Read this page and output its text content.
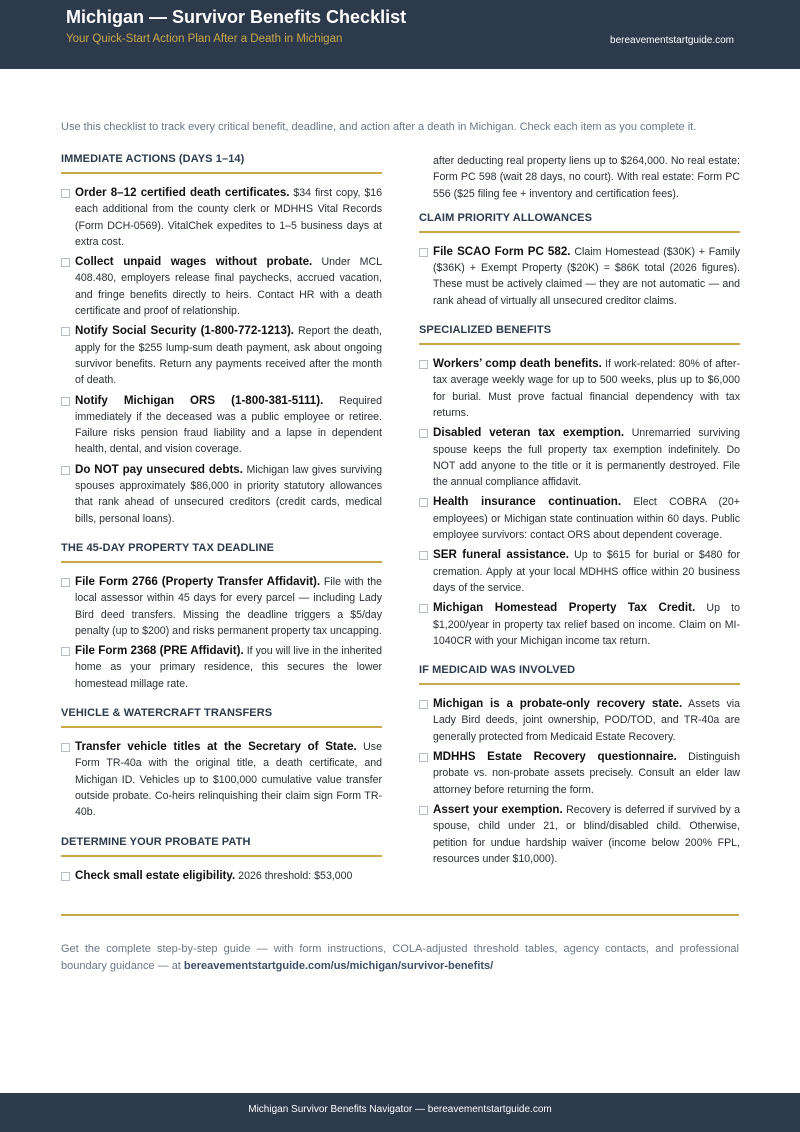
Michigan — Survivor Benefits Checklist
Your Quick-Start Action Plan After a Death in Michigan	bereavementstartguide.com
Use this checklist to track every critical benefit, deadline, and action after a death in Michigan. Check each item as you complete it.
IMMEDIATE ACTIONS (DAYS 1–14)
Order 8–12 certified death certificates. $34 first copy, $16 each additional from the county clerk or MDHHS Vital Records (Form DCH-0569). VitalChek expedites to 1–5 business days at extra cost.
Collect unpaid wages without probate. Under MCL 408.480, employers release final paychecks, accrued vacation, and fringe benefits directly to heirs. Contact HR with a death certificate and proof of relationship.
Notify Social Security (1-800-772-1213). Report the death, apply for the $255 lump-sum death payment, ask about ongoing survivor benefits. Return any payments received after the month of death.
Notify Michigan ORS (1-800-381-5111). Required immediately if the deceased was a public employee or retiree. Failure risks pension fraud liability and a lapse in dependent health, dental, and vision coverage.
Do NOT pay unsecured debts. Michigan law gives surviving spouses approximately $86,000 in priority statutory allowances that rank ahead of unsecured creditors (credit cards, medical bills, personal loans).
THE 45-DAY PROPERTY TAX DEADLINE
File Form 2766 (Property Transfer Affidavit). File with the local assessor within 45 days for every parcel — including Lady Bird deed transfers. Missing the deadline triggers a $5/day penalty (up to $200) and risks permanent property tax uncapping.
File Form 2368 (PRE Affidavit). If you will live in the inherited home as your primary residence, this secures the lower homestead millage rate.
VEHICLE & WATERCRAFT TRANSFERS
Transfer vehicle titles at the Secretary of State. Use Form TR-40a with the original title, a death certificate, and Michigan ID. Vehicles up to $100,000 cumulative value transfer outside probate. Co-heirs relinquishing their claim sign Form TR-40b.
DETERMINE YOUR PROBATE PATH
Check small estate eligibility. 2026 threshold: $53,000
after deducting real property liens up to $264,000. No real estate: Form PC 598 (wait 28 days, no court). With real estate: Form PC 556 ($25 filing fee + inventory and certification fees).
CLAIM PRIORITY ALLOWANCES
File SCAO Form PC 582. Claim Homestead ($30K) + Family ($36K) + Exempt Property ($20K) = $86K total (2026 figures). These must be actively claimed — they are not automatic — and rank ahead of virtually all unsecured creditor claims.
SPECIALIZED BENEFITS
Workers’ comp death benefits. If work-related: 80% of after-tax average weekly wage for up to 500 weeks, plus up to $6,000 for burial. Must prove factual financial dependency with tax returns.
Disabled veteran tax exemption. Unremarried surviving spouse keeps the full property tax exemption indefinitely. Do NOT add anyone to the title or it is permanently destroyed. File the annual compliance affidavit.
Health insurance continuation. Elect COBRA (20+ employees) or Michigan state continuation within 60 days. Public employee survivors: contact ORS about dependent coverage.
SER funeral assistance. Up to $615 for burial or $480 for cremation. Apply at your local MDHHS office within 20 business days of the service.
Michigan Homestead Property Tax Credit. Up to $1,200/year in property tax relief based on income. Claim on MI-1040CR with your Michigan income tax return.
IF MEDICAID WAS INVOLVED
Michigan is a probate-only recovery state. Assets via Lady Bird deeds, joint ownership, POD/TOD, and TR-40a are generally protected from Medicaid Estate Recovery.
MDHHS Estate Recovery questionnaire. Distinguish probate vs. non-probate assets precisely. Consult an elder law attorney before returning the form.
Assert your exemption. Recovery is deferred if survived by a spouse, child under 21, or blind/disabled child. Otherwise, petition for undue hardship waiver (income below 200% FPL, resources under $10,000).
Get the complete step-by-step guide — with form instructions, COLA-adjusted threshold tables, agency contacts, and professional boundary guidance — at bereavementstartguide.com/us/michigan/survivor-benefits/
Michigan Survivor Benefits Navigator — bereavementstartguide.com
